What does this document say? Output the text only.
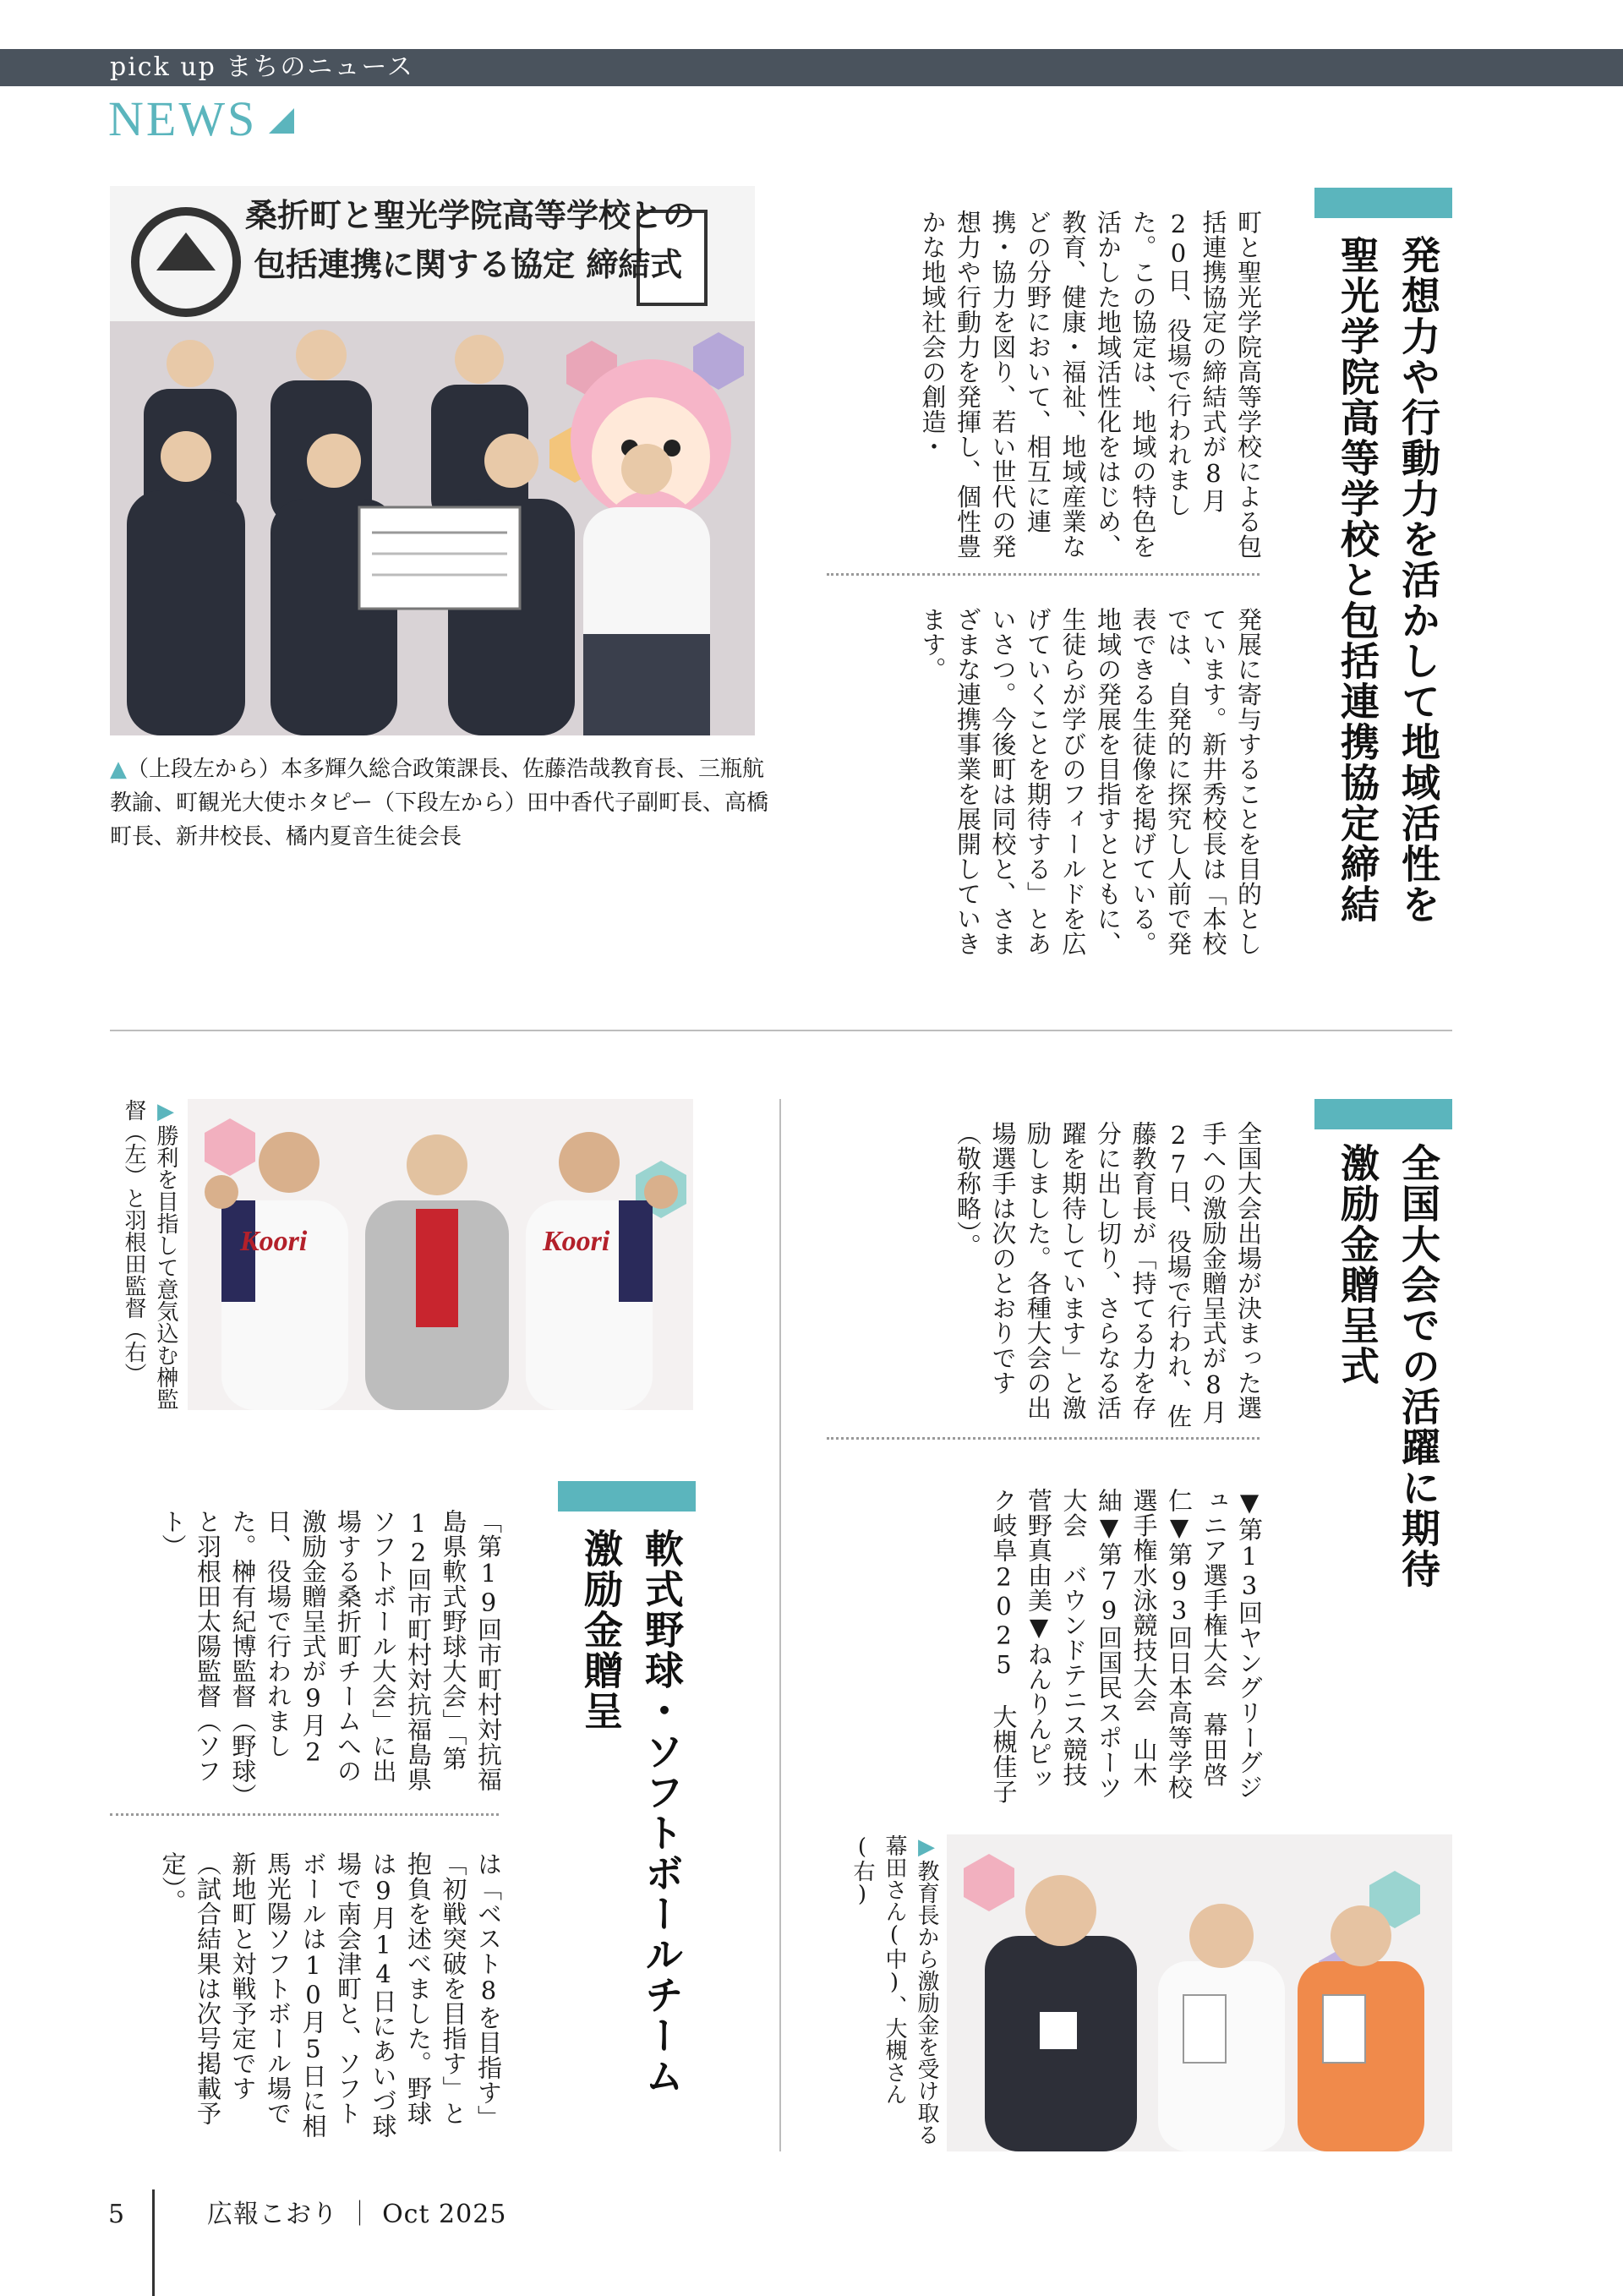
pick up まちのニュース
NEWS
発想力や行動力を活かして地域活性を
聖光学院高等学校と包括連携協定締結
町と聖光学院高等学校による包括連携協定の締結式が8月20日、役場で行われました。この協定は、地域の特色を活かした地域活性化をはじめ、教育、健康・福祉、地域産業などの分野において、相互に連携・協力を図り、若い世代の発想力や行動力を発揮し、個性豊かな地域社会の創造・
発展に寄与することを目的としています。新井秀校長は「本校では、自発的に探究し人前で発表できる生徒像を掲げている。地域の発展を目指すとともに、生徒らが学びのフィールドを広げていくことを期待する」とあいさつ。今後町は同校と、さまざまな連携事業を展開していきます。
桑折町と聖光学院高等学校との
包括連携に関する協定 締結式
▲（上段左から）本多輝久総合政策課長、佐藤浩哉教育長、三瓶航教諭、町観光大使ホタピー（下段左から）田中香代子副町長、高橋町長、新井校長、橘内夏音生徒会長
全国大会での活躍に期待
激励金贈呈式
全国大会出場が決まった選手への激励金贈呈式が8月27日、役場で行われ、佐藤教育長が「持てる力を存分に出し切り、さらなる活躍を期待しています」と激励しました。各種大会の出場選手は次のとおりです（敬称略）。
▼第13回ヤングリーグジュニア選手権大会　幕田啓仁▼第93回日本高等学校選手権水泳競技大会　山木紬▼第79回国民スポーツ大会　バウンドテニス競技　菅野真由美▼ねんりんピック岐阜2025　大槻佳子
▶教育長から激励金を受け取る幕田さん(中)、大槻さん(右)
Koori	Koori
▶勝利を目指して意気込む榊監督（左）と羽根田監督（右）
軟式野球・ソフトボールチーム
激励金贈呈
「第19回市町村対抗福島県軟式野球大会」「第12回市町村対抗福島県ソフトボール大会」に出場する桑折町チームへの激励金贈呈式が9月2日、役場で行われました。榊有紀博監督（野球）と羽根田太陽監督（ソフト）
は「ベスト8を目指す」「初戦突破を目指す」と抱負を述べました。野球は9月14日にあいづ球場で南会津町と、ソフトボールは10月5日に相馬光陽ソフトボール場で新地町と対戦予定です（試合結果は次号掲載予定）。
5	広報こおり ｜ Oct 2025
